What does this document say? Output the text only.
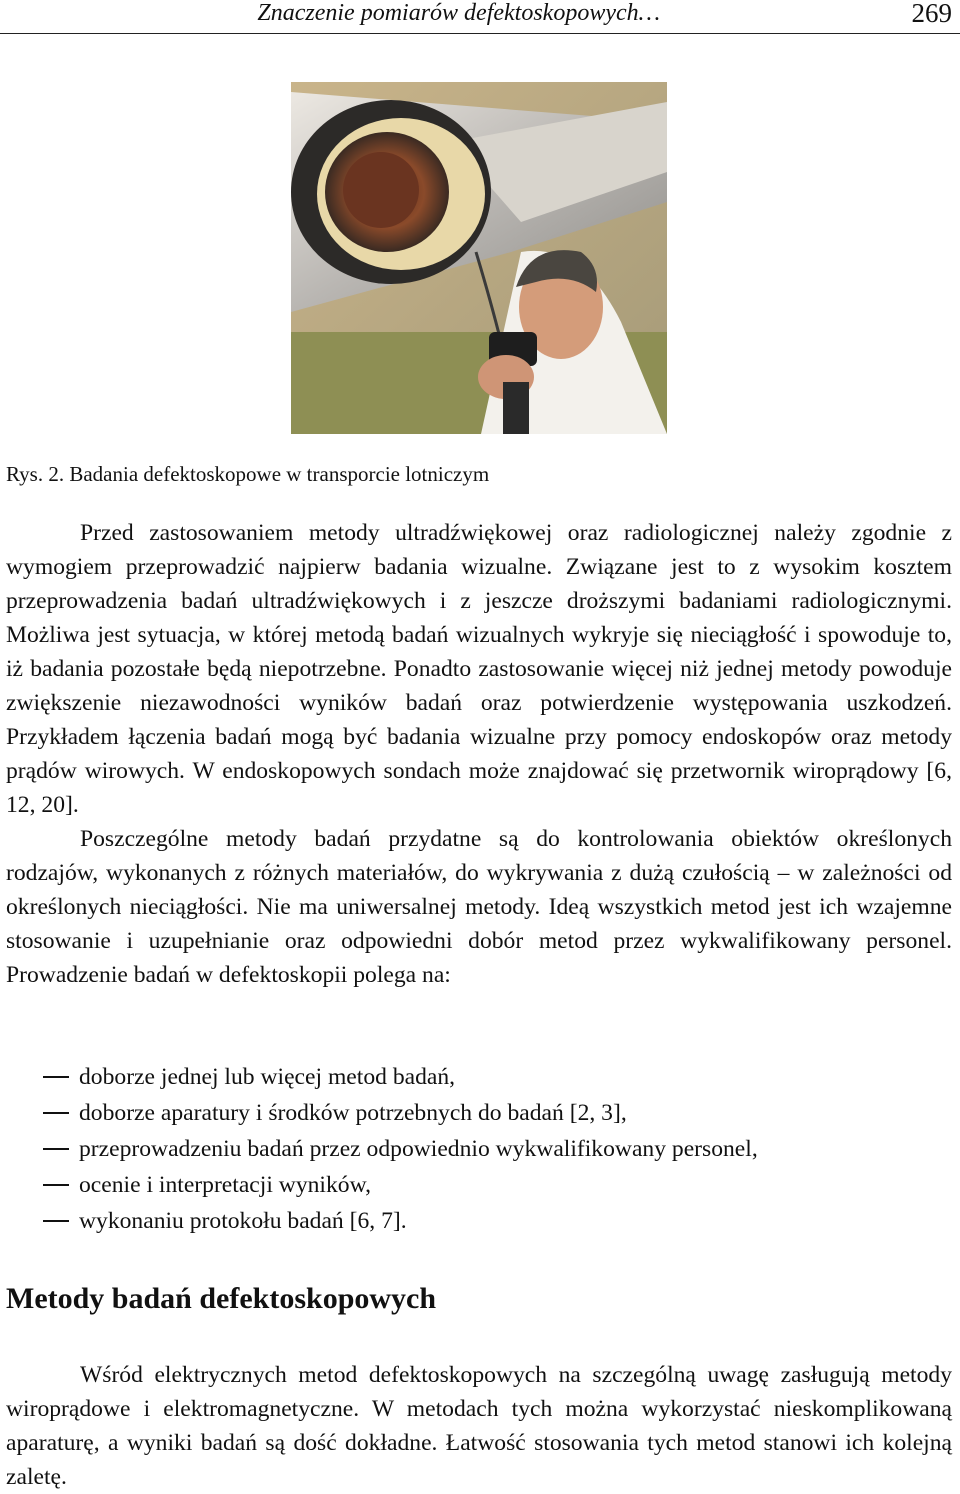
Znaczenie pomiarów defektoskopowych…	269
Rys. 2. Badania defektoskopowe w transporcie lotniczym

Przed zastosowaniem metody ultradźwiękowej oraz radiologicznej należy zgodnie z wymogiem przeprowadzić najpierw badania wizualne. Związane jest to z wysokim kosztem przeprowadzenia badań ultradźwiękowych i z jeszcze droższymi badaniami radiologicznymi. Możliwa jest sytuacja, w której metodą badań wizualnych wykryje się nieciągłość i spowoduje to, iż badania pozostałe będą niepotrzebne. Ponadto zastosowanie więcej niż jednej metody powoduje zwiększenie niezawodności wyników badań oraz potwierdzenie występowania uszkodzeń. Przykładem łączenia badań mogą być badania wizualne przy pomocy endoskopów oraz metody prądów wirowych. W endoskopowych sondach może znajdować się przetwornik wiroprądowy [6, 12, 20].

Poszczególne metody badań przydatne są do kontrolowania obiektów określonych rodzajów, wykonanych z różnych materiałów, do wykrywania z dużą czułością – w zależności od określonych nieciągłości. Nie ma uniwersalnej metody. Ideą wszystkich metod jest ich wzajemne stosowanie i uzupełnianie oraz odpowiedni dobór metod przez wykwalifikowany personel. Prowadzenie badań w defektoskopii polega na:

doborze jednej lub więcej metod badań,
doborze aparatury i środków potrzebnych do badań [2, 3],
przeprowadzeniu badań przez odpowiednio wykwalifikowany personel,
ocenie i interpretacji wyników,
wykonaniu protokołu badań [6, 7].
Metody badań defektoskopowych

Wśród elektrycznych metod defektoskopowych na szczególną uwagę zasługują metody wiroprądowe i elektromagnetyczne. W metodach tych można wykorzystać nieskomplikowaną aparaturę, a wyniki badań są dość dokładne. Łatwość stosowania tych metod stanowi ich kolejną zaletę.
